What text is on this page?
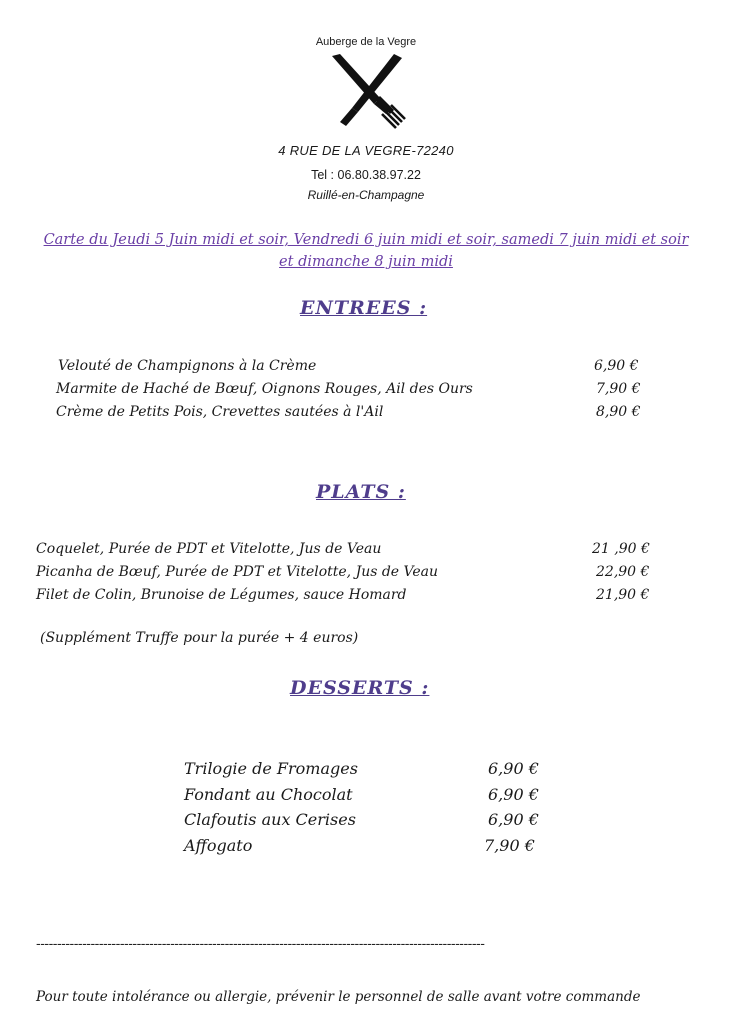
Auberge de la Vegre
4 RUE DE LA VEGRE-72240
Tel : 06.80.38.97.22
Ruillé-en-Champagne
Carte du Jeudi 5 Juin midi et soir, Vendredi 6 juin midi et soir, samedi 7 juin midi et soir
et dimanche 8 juin midi
ENTREES :
Velouté de Champignons à la Crème	6,90 €
Marmite de Haché de Bœuf, Oignons Rouges, Ail des Ours	7,90 €
Crème de Petits Pois, Crevettes sautées à l'Ail	8,90 €
PLATS :
Coquelet, Purée de PDT et Vitelotte, Jus de Veau	21 ,90 €
Picanha de Bœuf, Purée de PDT et Vitelotte, Jus de Veau	22,90 €
Filet de Colin, Brunoise de Légumes, sauce Homard	21,90 €
(Supplément Truffe pour la purée + 4 euros)
DESSERTS :
Trilogie de Fromages	6,90 €
Fondant au Chocolat	6,90 €
Clafoutis aux Cerises	6,90 €
Affogato	7,90 €
-----------------------------------------------------------------------------------------------------------
Pour toute intolérance ou allergie, prévenir le personnel de salle avant votre commande
